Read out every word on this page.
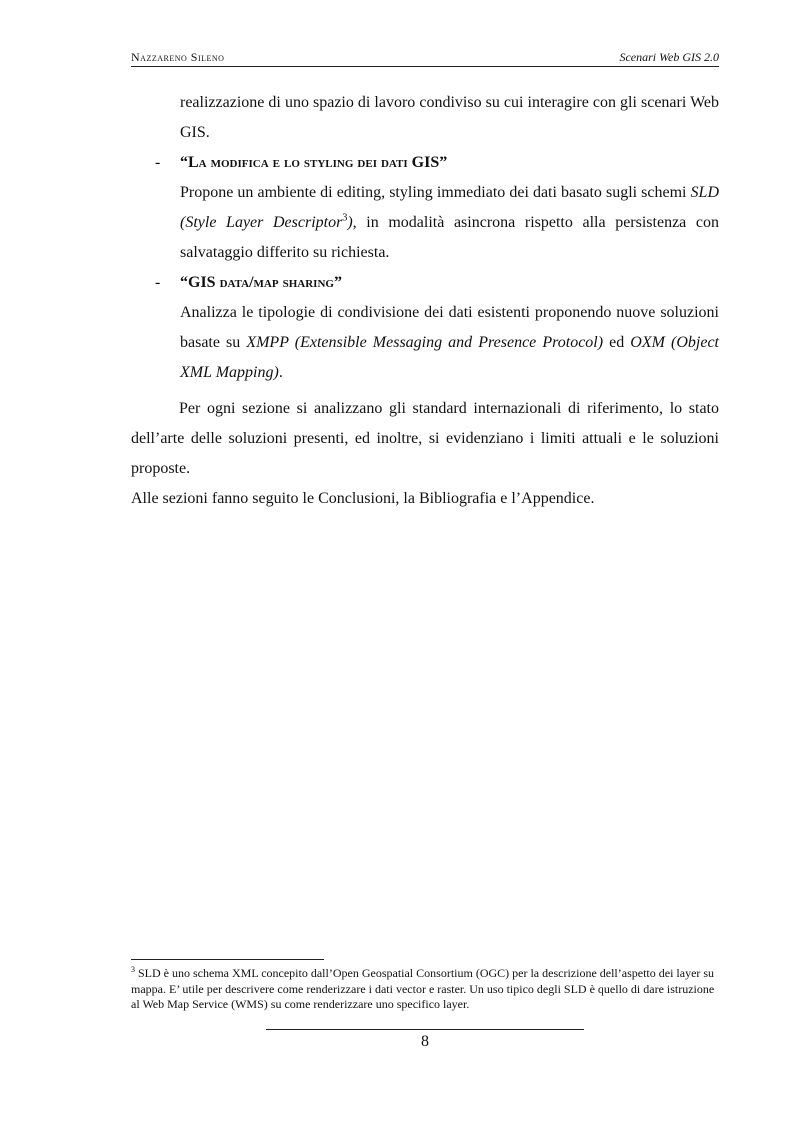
Nazzareno Sileno	Scenari Web GIS 2.0
realizzazione di uno spazio di lavoro condiviso su cui interagire con gli scenari Web GIS.
- “La modifica e lo styling dei dati GIS”
Propone un ambiente di editing, styling immediato dei dati basato sugli schemi SLD (Style Layer Descriptor$^3$), in modalità asincrona rispetto alla persistenza con salvataggio differito su richiesta.
- “GIS data/map sharing”
Analizza le tipologie di condivisione dei dati esistenti proponendo nuove soluzioni basate su XMPP (Extensible Messaging and Presence Protocol) ed OXM (Object XML Mapping).
Per ogni sezione si analizzano gli standard internazionali di riferimento, lo stato dell’arte delle soluzioni presenti, ed inoltre, si evidenziano i limiti attuali e le soluzioni proposte.
Alle sezioni fanno seguito le Conclusioni, la Bibliografia e l’Appendice.
$^3$ SLD è uno schema XML concepito dall’Open Geospatial Consortium (OGC) per la descrizione dell’aspetto dei layer su mappa. E’ utile per descrivere come renderizzare i dati vector e raster. Un uso tipico degli SLD è quello di dare istruzione al Web Map Service (WMS) su come renderizzare uno specifico layer.
8
